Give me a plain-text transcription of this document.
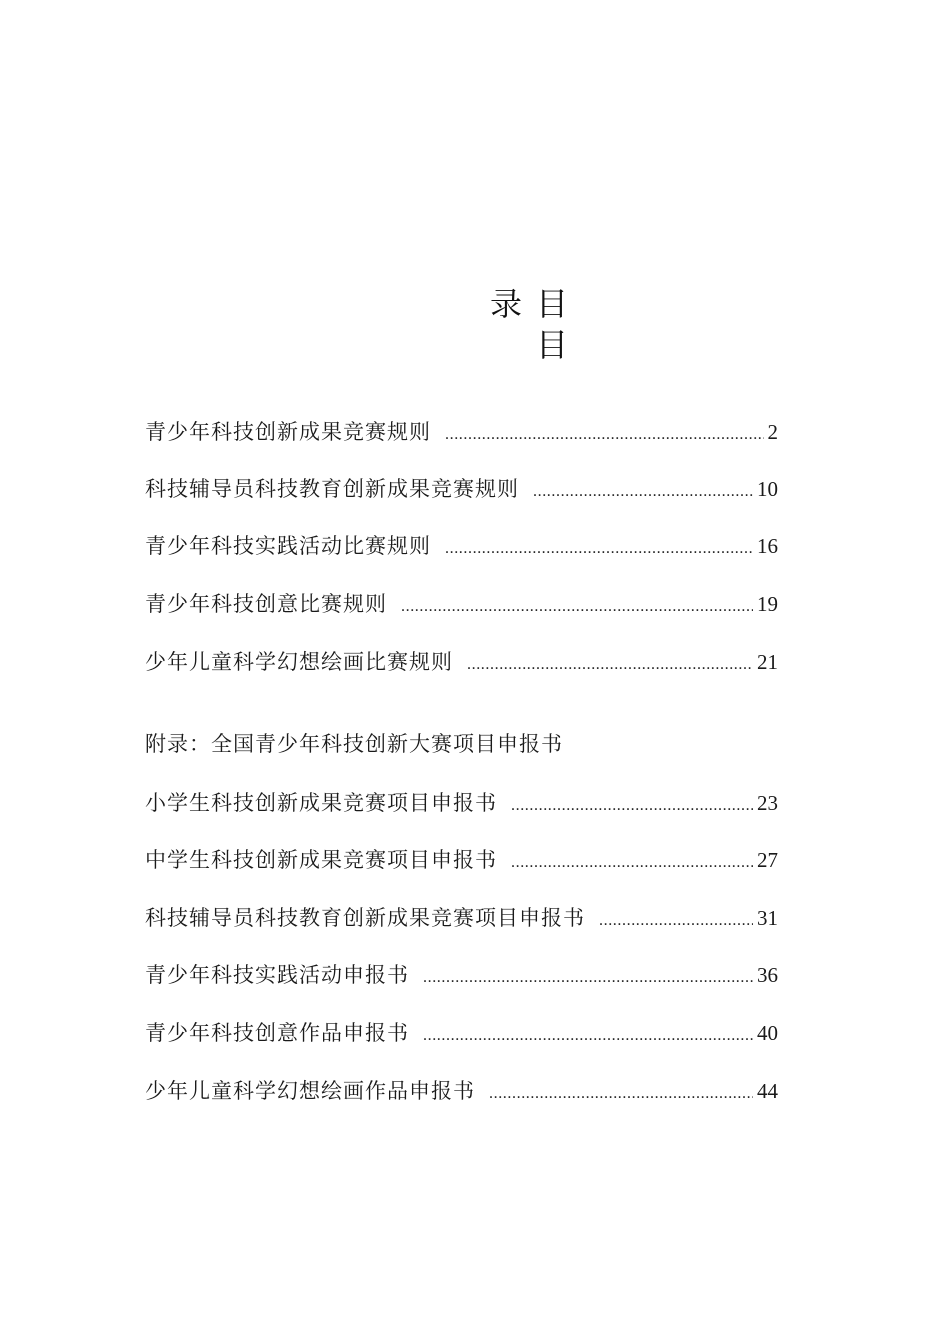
录 目
目
青少年科技创新成果竞赛规则 .....	2
科技辅导员科技教育创新成果竞赛规则 .....	10
青少年科技实践活动比赛规则 .....	16
青少年科技创意比赛规则 .....	19
少年儿童科学幻想绘画比赛规则 .....	21
附录：全国青少年科技创新大赛项目申报书
小学生科技创新成果竞赛项目申报书 .....	23
中学生科技创新成果竞赛项目申报书 .....	27
科技辅导员科技教育创新成果竞赛项目申报书 .....	31
青少年科技实践活动申报书 .....	36
青少年科技创意作品申报书 .....	40
少年儿童科学幻想绘画作品申报书 .....	44
